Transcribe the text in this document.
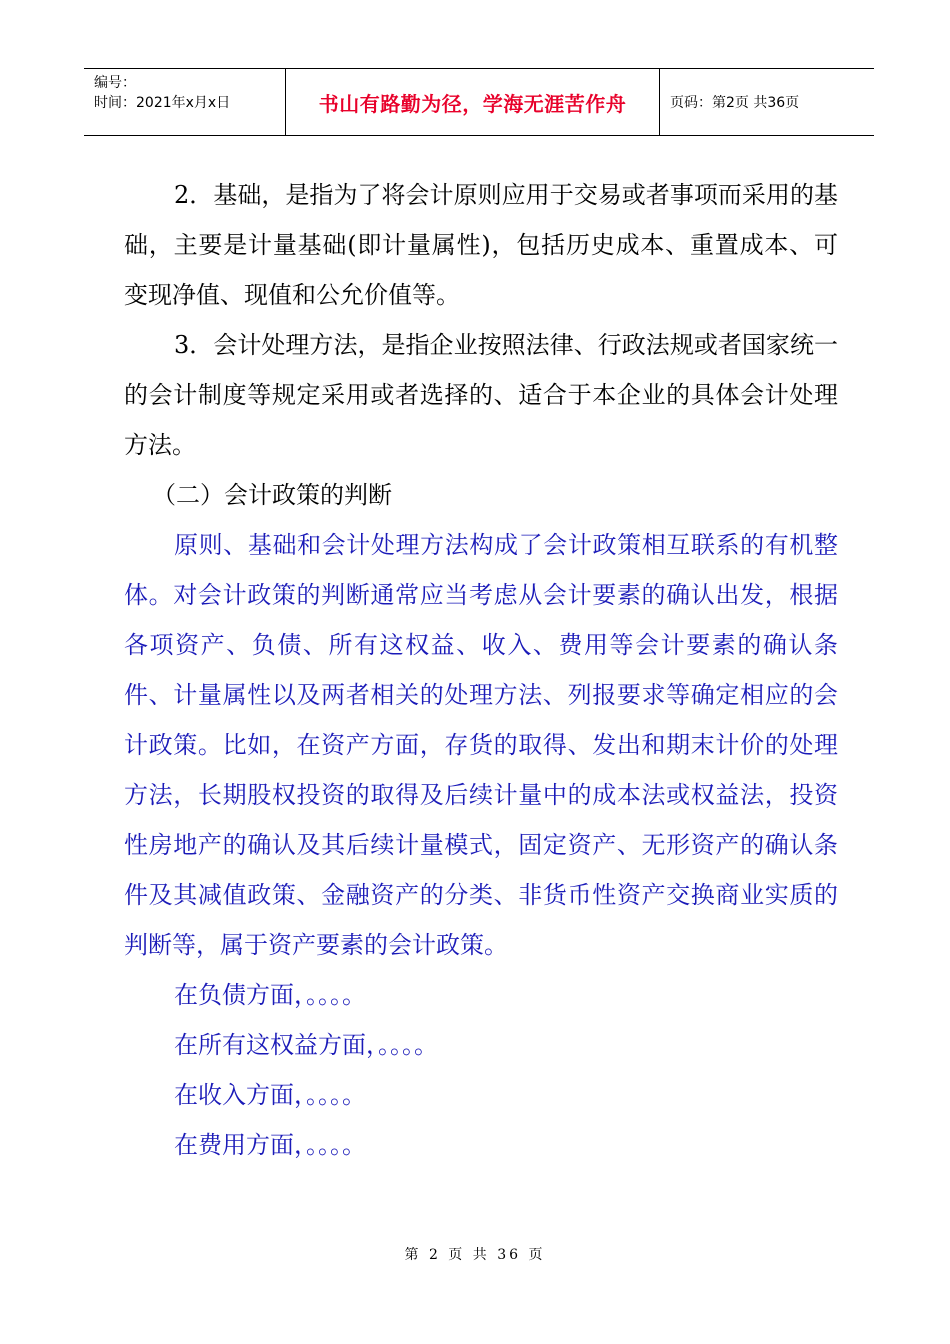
编号：
时间：2021年x月x日	书山有路勤为径，学海无涯苦作舟	页码：第2页 共36页

2．基础，是指为了将会计原则应用于交易或者事项而采用的基础，主要是计量基础(即计量属性)，包括历史成本、重置成本、可变现净值、现值和公允价值等。

3．会计处理方法，是指企业按照法律、行政法规或者国家统一的会计制度等规定采用或者选择的、适合于本企业的具体会计处理方法。

（二）会计政策的判断

原则、基础和会计处理方法构成了会计政策相互联系的有机整体。对会计政策的判断通常应当考虑从会计要素的确认出发，根据各项资产、负债、所有这权益、收入、费用等会计要素的确认条件、计量属性以及两者相关的处理方法、列报要求等确定相应的会计政策。比如，在资产方面，存货的取得、发出和期末计价的处理方法，长期股权投资的取得及后续计量中的成本法或权益法，投资性房地产的确认及其后续计量模式，固定资产、无形资产的确认条件及其减值政策、金融资产的分类、非货币性资产交换商业实质的判断等，属于资产要素的会计政策。

在负债方面，。。。。

在所有这权益方面，。。。。

在收入方面，。。。。

在费用方面，。。。。

第 2 页 共 36 页
